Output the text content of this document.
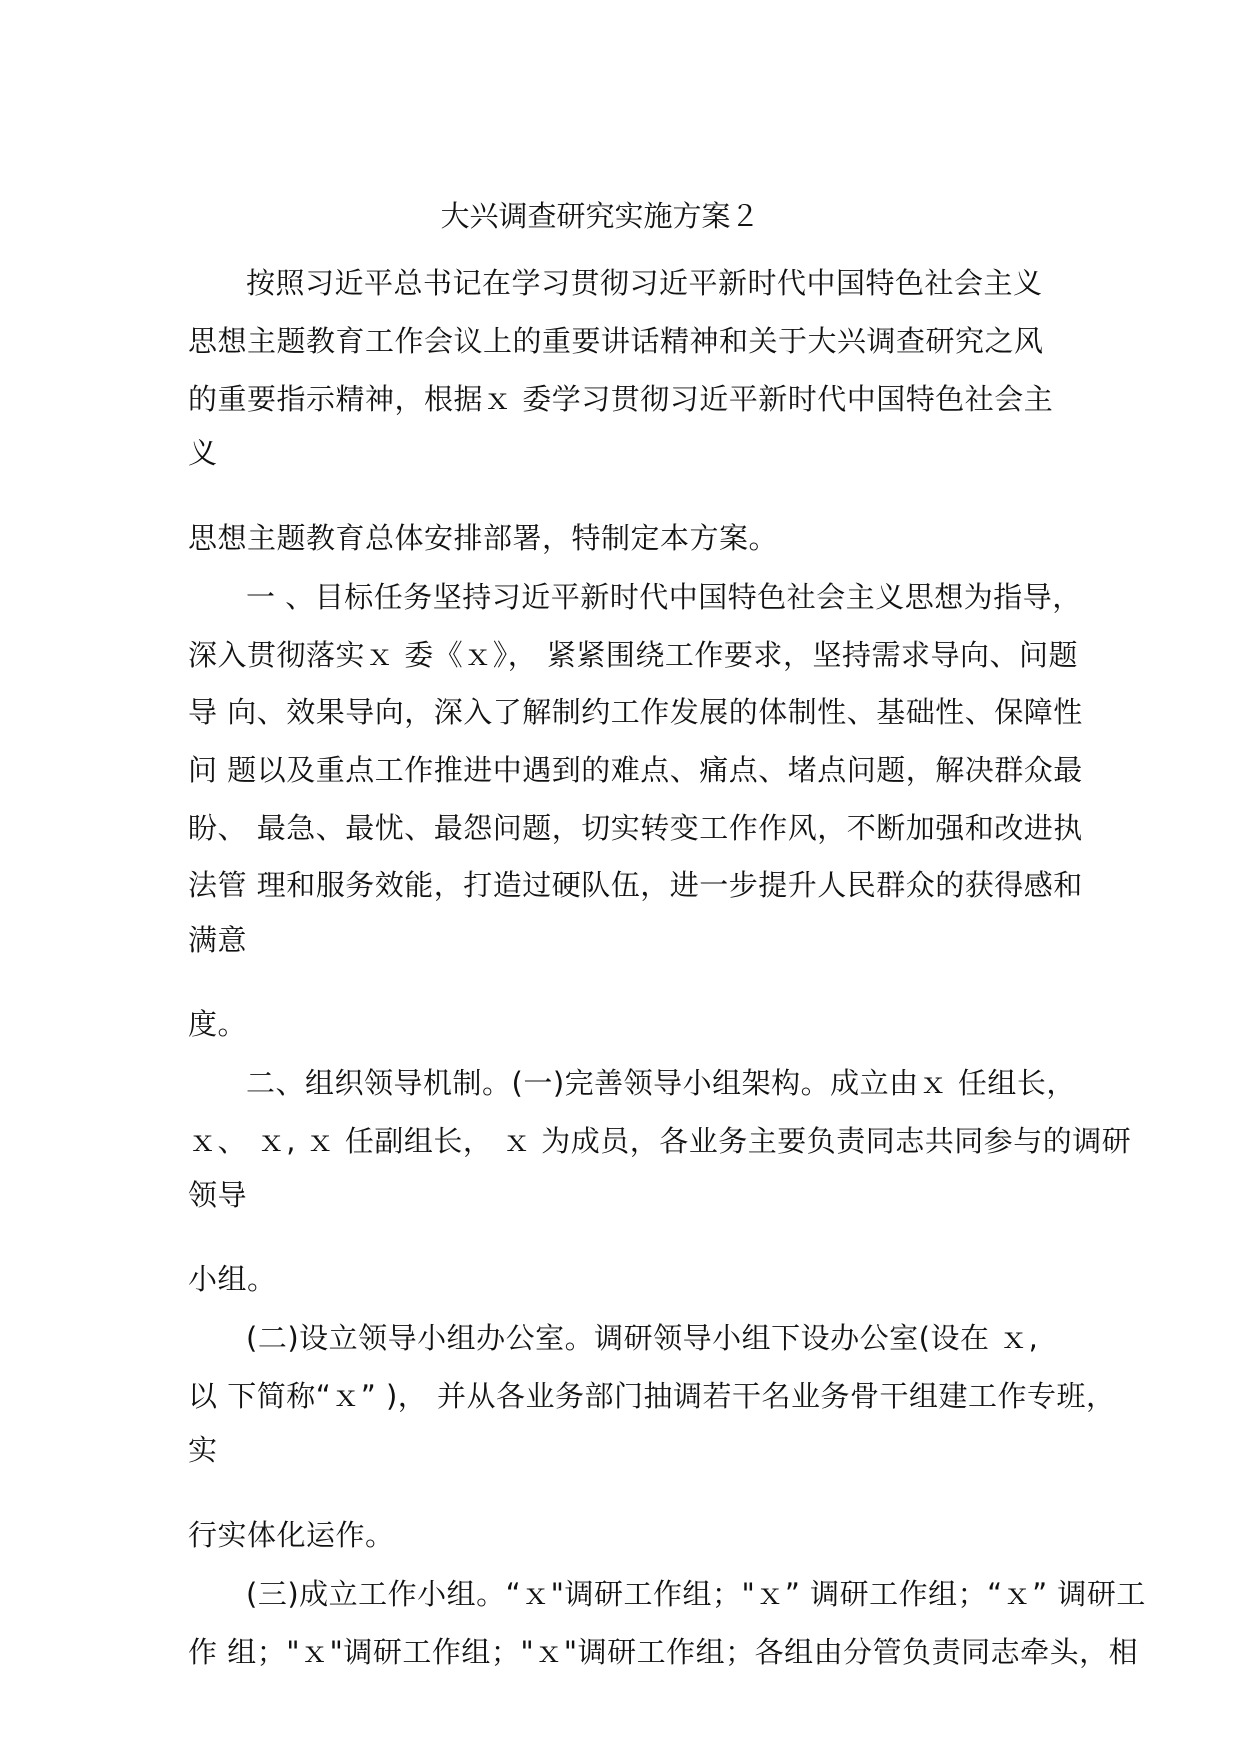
大兴调查研究实施方案２
按照习近平总书记在学习贯彻习近平新时代中国特色社会主义
思想主题教育工作会议上的重要讲话精神和关于大兴调查研究之风
的重要指示精神，根据ｘ 委学习贯彻习近平新时代中国特色社会主
义
思想主题教育总体安排部署，特制定本方案。
一 、目标任务坚持习近平新时代中国特色社会主义思想为指导，
深入贯彻落实ｘ 委《ｘ》， 紧紧围绕工作要求，坚持需求导向、问题
导 向、效果导向，深入了解制约工作发展的体制性、基础性、保障性
问 题以及重点工作推进中遇到的难点、痛点、堵点问题，解决群众最
盼、 最急、最忧、最怨问题，切实转变工作作风，不断加强和改进执
法管 理和服务效能，打造过硬队伍，进一步提升人民群众的获得感和
满意
度。
二、组织领导机制。(一)完善领导小组架构。成立由ｘ 任组长，
ｘ、 ｘ, ｘ 任副组长， ｘ 为成员，各业务主要负责同志共同参与的调研
领导
小组。
(二)设立领导小组办公室。调研领导小组下设办公室(设在 ｘ,
以 下简称“ｘ” )， 并从各业务部门抽调若干名业务骨干组建工作专班，
实
行实体化运作。
(三)成立工作小组。“ｘ"调研工作组；"ｘ” 调研工作组；“ｘ” 调研工
作 组；"ｘ"调研工作组；"ｘ"调研工作组；各组由分管负责同志牵头，相
